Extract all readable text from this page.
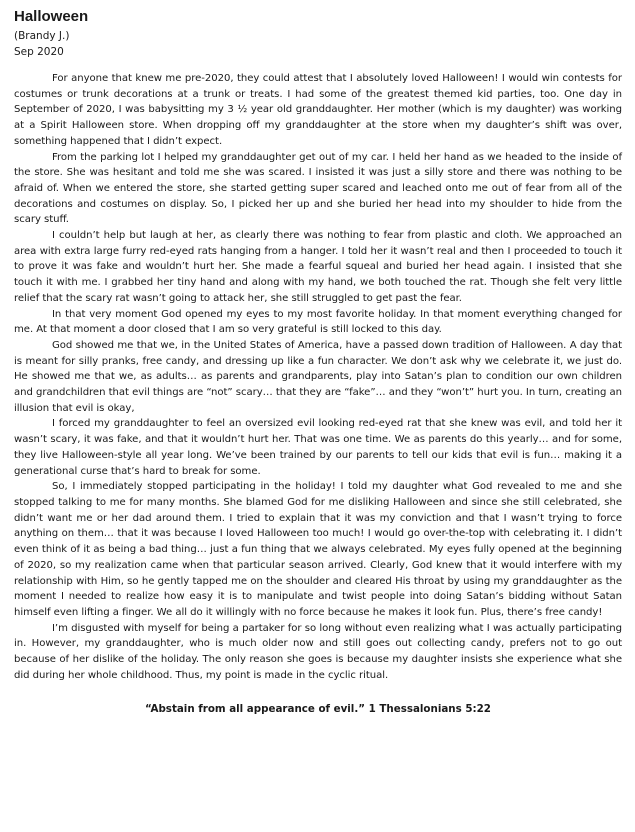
Halloween
(Brandy J.)
Sep 2020

For anyone that knew me pre-2020, they could attest that I absolutely loved Halloween! I would win contests for costumes or trunk decorations at a trunk or treats. I had some of the greatest themed kid parties, too. One day in September of 2020, I was babysitting my 3 ½ year old granddaughter. Her mother (which is my daughter) was working at a Spirit Halloween store. When dropping off my granddaughter at the store when my daughter’s shift was over, something happened that I didn’t expect.

From the parking lot I helped my granddaughter get out of my car. I held her hand as we headed to the inside of the store. She was hesitant and told me she was scared. I insisted it was just a silly store and there was nothing to be afraid of. When we entered the store, she started getting super scared and leached onto me out of fear from all of the decorations and costumes on display. So, I picked her up and she buried her head into my shoulder to hide from the scary stuff.

I couldn’t help but laugh at her, as clearly there was nothing to fear from plastic and cloth. We approached an area with extra large furry red-eyed rats hanging from a hanger. I told her it wasn’t real and then I proceeded to touch it to prove it was fake and wouldn’t hurt her. She made a fearful squeal and buried her head again. I insisted that she touch it with me. I grabbed her tiny hand and along with my hand, we both touched the rat. Though she felt very little relief that the scary rat wasn’t going to attack her, she still struggled to get past the fear.

In that very moment God opened my eyes to my most favorite holiday. In that moment everything changed for me. At that moment a door closed that I am so very grateful is still locked to this day.

God showed me that we, in the United States of America, have a passed down tradition of Halloween. A day that is meant for silly pranks, free candy, and dressing up like a fun character. We don’t ask why we celebrate it, we just do. He showed me that we, as adults… as parents and grandparents, play into Satan’s plan to condition our own children and grandchildren that evil things are “not” scary… that they are “fake”… and they “won’t” hurt you. In turn, creating an illusion that evil is okay,

I forced my granddaughter to feel an oversized evil looking red-eyed rat that she knew was evil, and told her it wasn’t scary, it was fake, and that it wouldn’t hurt her. That was one time. We as parents do this yearly… and for some, they live Halloween-style all year long. We’ve been trained by our parents to tell our kids that evil is fun… making it a generational curse that’s hard to break for some.

So, I immediately stopped participating in the holiday! I told my daughter what God revealed to me and she stopped talking to me for many months. She blamed God for me disliking Halloween and since she still celebrated, she didn’t want me or her dad around them. I tried to explain that it was my conviction and that I wasn’t trying to force anything on them… that it was because I loved Halloween too much! I would go over-the-top with celebrating it. I didn’t even think of it as being a bad thing… just a fun thing that we always celebrated. My eyes fully opened at the beginning of 2020, so my realization came when that particular season arrived. Clearly, God knew that it would interfere with my relationship with Him, so he gently tapped me on the shoulder and cleared His throat by using my granddaughter as the moment I needed to realize how easy it is to manipulate and twist people into doing Satan’s bidding without Satan himself even lifting a finger. We all do it willingly with no force because he makes it look fun. Plus, there’s free candy!

I’m disgusted with myself for being a partaker for so long without even realizing what I was actually participating in. However, my granddaughter, who is much older now and still goes out collecting candy, prefers not to go out because of her dislike of the holiday. The only reason she goes is because my daughter insists she experience what she did during her whole childhood. Thus, my point is made in the cyclic ritual.

“Abstain from all appearance of evil.” 1 Thessalonians 5:22
